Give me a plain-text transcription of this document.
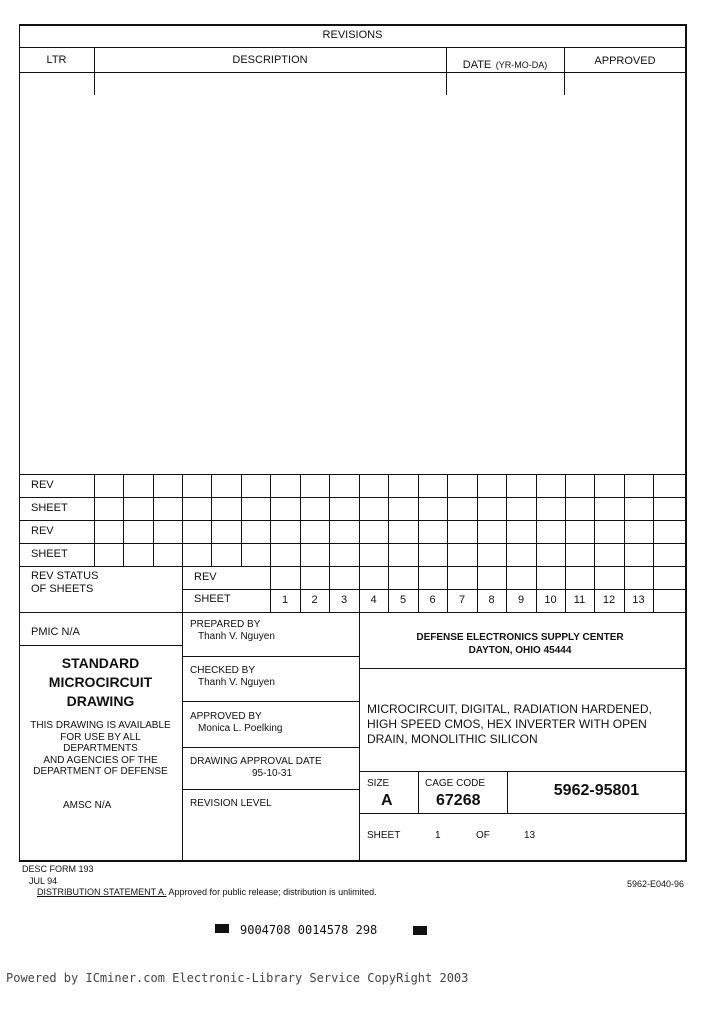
REVISIONS
LTR	DESCRIPTION	DATE (YR-MO-DA)	APPROVED
REV
SHEET
REV
SHEET
REV STATUS
OF SHEETS
REV
SHEET	1	2	3	4	5	6	7	8	9	10	11	12	13
PMIC N/A
STANDARD
MICROCIRCUIT
DRAWING
THIS DRAWING IS AVAILABLE
FOR USE BY ALL
DEPARTMENTS
AND AGENCIES OF THE
DEPARTMENT OF DEFENSE
AMSC N/A
PREPARED BY
Thanh V. Nguyen
CHECKED BY
Thanh V. Nguyen
APPROVED BY
Monica L. Poelking
DRAWING APPROVAL DATE
95-10-31
REVISION LEVEL
DEFENSE ELECTRONICS SUPPLY CENTER
DAYTON, OHIO 45444
MICROCIRCUIT, DIGITAL, RADIATION HARDENED,
HIGH SPEED CMOS, HEX INVERTER WITH OPEN
DRAIN, MONOLITHIC SILICON
SIZE
A
CAGE CODE
67268
5962-95801
SHEET	1	OF	13
DESC FORM 193
JUL 94
DISTRIBUTION STATEMENT A. Approved for public release; distribution is unlimited.
5962-E040-96
9004708 0014578 298
Powered by ICminer.com Electronic-Library Service CopyRight 2003
